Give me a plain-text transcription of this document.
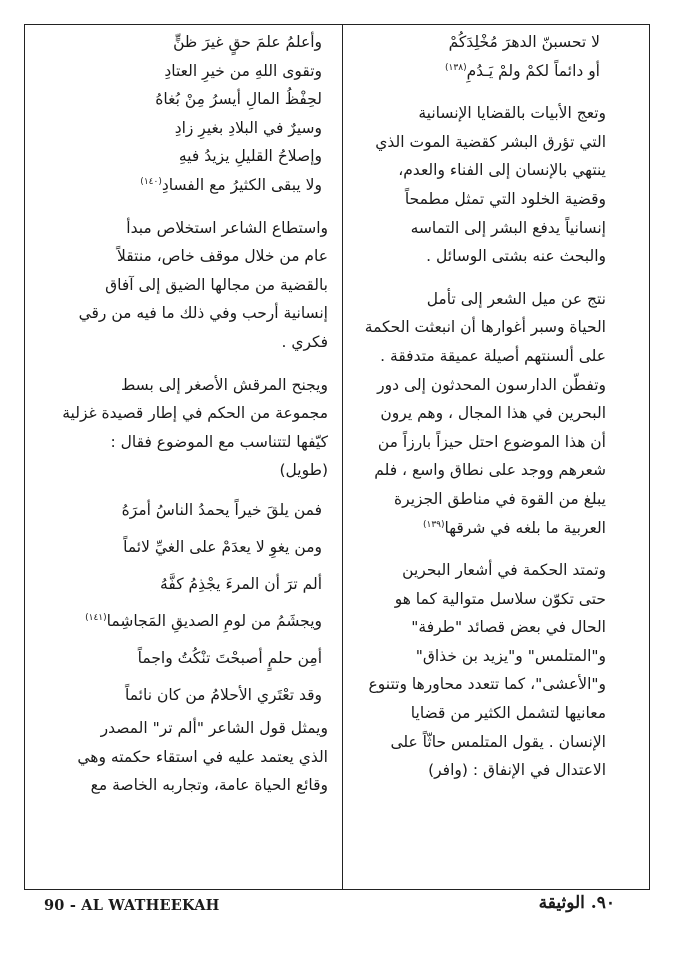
لا تحسبنّ الدهرَ مُخْلِدَكُمْ

أو دائماً لكمْ ولمْ يَـدُمِ$^{(١٣٨)}$

وتعج الأبيات بالقضايا الإنسانية

التي تؤرق البشر كقضية الموت الذي

ينتهي بالإنسان إلى الفناء والعدم،

وقضية الخلود التي تمثل مطمحاً

إنسانياً يدفع البشر إلى التماسه

والبحث عنه بشتى الوسائل .

نتج عن ميل الشعر إلى تأمل

الحياة وسبر أغوارها أن انبعثت الحكمة

على ألسنتهم أصيلة عميقة متدفقة .

وتفطّن الدارسون المحدثون إلى دور

البحرين في هذا المجال ، وهم يرون

أن هذا الموضوع احتل حيزاً بارزاً من

شعرهم ووجد على نطاق واسع ، فلم

يبلغ من القوة في مناطق الجزيرة

العربية ما بلغه في شرقها$^{(١٣٩)}$

وتمتد الحكمة في أشعار البحرين

حتى تكوّن سلاسل متوالية كما هو

الحال في بعض قصائد "طرفة"

و"المتلمس" و"يزيد بن خذاق"

و"الأعشى"، كما تتعدد محاورها وتتنوع

معانيها لتشمل الكثير من قضايا

الإنسان . يقول المتلمس حاثّاً على

الاعتدال في الإنفاق : (وافر)

وأعلمُ علمَ حقٍ غيرَ ظنٍّ

وتقوى اللهِ من خيرِ العتادِ

لحِفْظُ المالِ أيسرُ مِنْ بُغاهُ

وسيرٌ في البلادِ بغيرِ زادِ

وإصلاحُ القليلِ يزيدُ فيهِ

ولا يبقى الكثيرُ مع الفسادِ$^{(١٤٠)}$

واستطاع الشاعر استخلاص مبدأ

عام من خلال موقف خاص، منتقلاً

بالقضية من مجالها الضيق إلى آفاق

إنسانية أرحب وفي ذلك ما فيه من رقي

فكري .

ويجنح المرقش الأصغر إلى بسط

مجموعة من الحكم في إطار قصيدة غزلية

كيّفها لتتناسب مع الموضوع فقال :

(طويل)

فمن يلقَ خيراً يحمدُ الناسُ أمرَهُ

ومن يغوِ لا يعدَمْ على الغيِّ لائماً

ألم ترَ أن المرءَ يجْذِمُ كفَّهُ

ويجشَمُ من لومِ الصديقِ المَجاشِما$^{(١٤١)}$

أمِن حلمٍ أصبحْتَ تنْكُتُ واجماً

وقد تعْتَري الأحلامُ من كان نائماً

ويمثل قول الشاعر "ألم تر" المصدر

الذي يعتمد عليه في استقاء حكمته وهي

وقائع الحياة عامة، وتجاربه الخاصة مع

90 - AL WATHEEKAH	٩٠. الوثيقة
